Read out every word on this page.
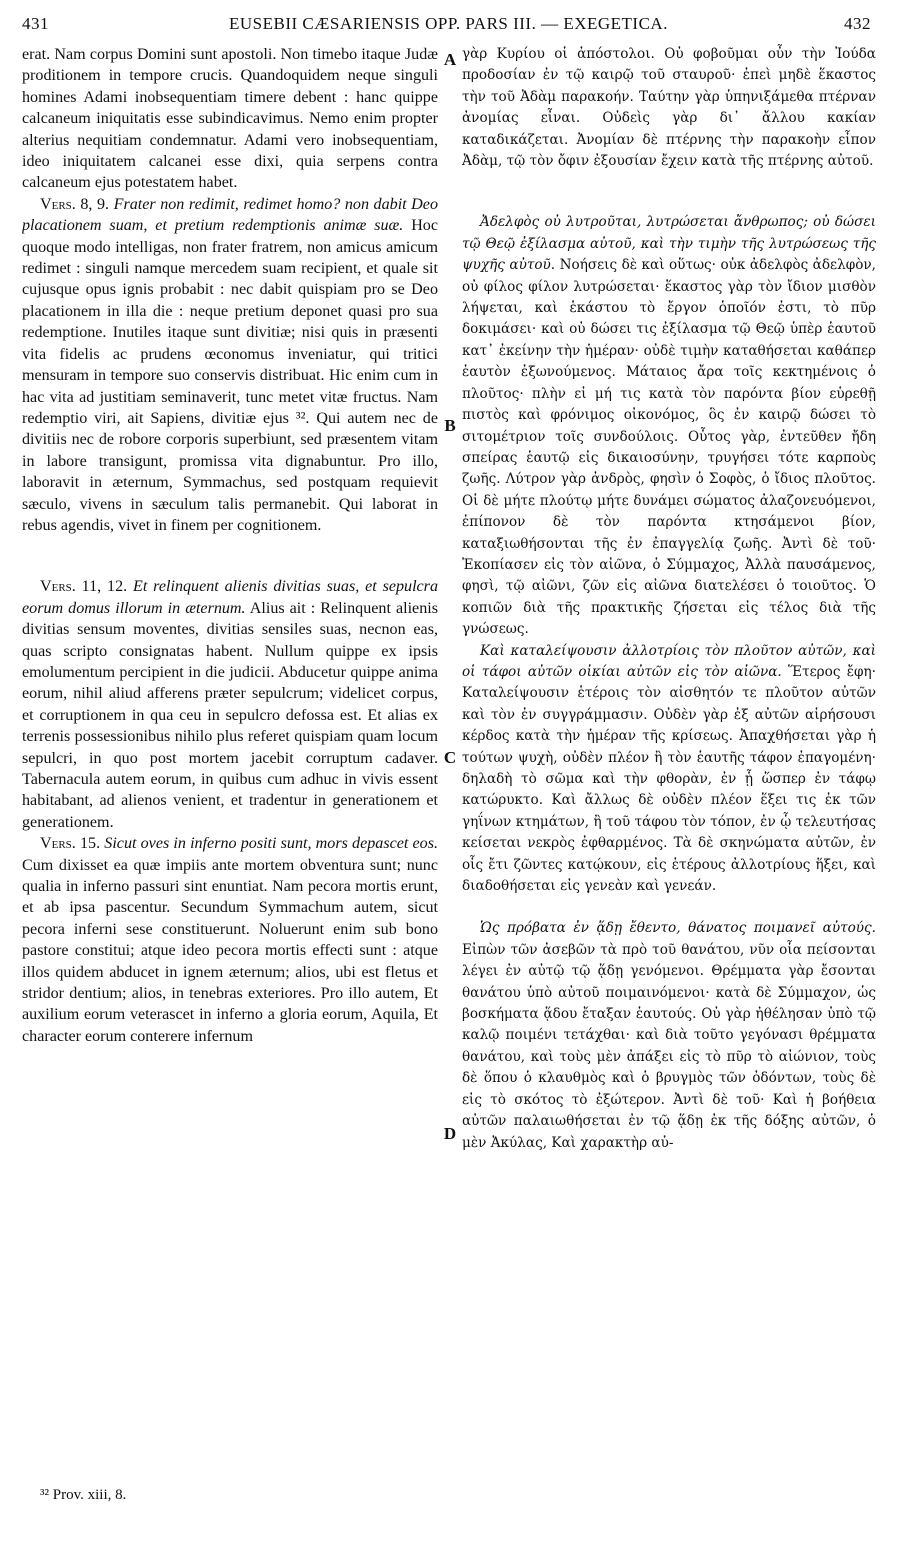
431	EUSEBII CÆSARIENSIS OPP. PARS III. — EXEGETICA.	432
A
B
C
D

erat. Nam corpus Domini sunt apostoli. Non timebo itaque Judæ proditionem in tempore crucis. Quandoquidem neque singuli homines Adami inobsequentiam timere debent : hanc quippe calcaneum iniquitatis esse subindicavimus. Nemo enim propter alterius nequitiam condemnatur. Adami vero inobsequentiam, ideo iniquitatem calcanei esse dixi, quia serpens contra calcaneum ejus potestatem habet.

Vers. 8, 9. Frater non redimit, redimet homo? non dabit Deo placationem suam, et pretium redemptionis animæ suæ. Hoc quoque modo intelligas, non frater fratrem, non amicus amicum redimet : singuli namque mercedem suam recipient, et quale sit cujusque opus ignis probabit : nec dabit quispiam pro se Deo placationem in illa die : neque pretium deponet quasi pro sua redemptione. Inutiles itaque sunt divitiæ; nisi quis in præsenti vita fidelis ac prudens œconomus inveniatur, qui tritici mensuram in tempore suo conservis distribuat. Hic enim cum in hac vita ad justitiam seminaverit, tunc metet vitæ fructus. Nam redemptio viri, ait Sapiens, divitiæ ejus ³². Qui autem nec de divitiis nec de robore corporis superbiunt, sed præsentem vitam in labore transigunt, promissa vita dignabuntur. Pro illo, laboravit in æternum, Symmachus, sed postquam requievit sæculo, vivens in sæculum talis permanebit. Qui laborat in rebus agendis, vivet in finem per cognitionem.

Vers. 11, 12. Et relinquent alienis divitias suas, et sepulcra eorum domus illorum in æternum. Alius ait : Relinquent alienis divitias sensum moventes, divitias sensiles suas, necnon eas, quas scripto consignatas habent. Nullum quippe ex ipsis emolumentum percipient in die judicii. Abducetur quippe anima eorum, nihil aliud afferens præter sepulcrum; videlicet corpus, et corruptionem in qua ceu in sepulcro defossa est. Et alias ex terrenis possessionibus nihilo plus referet quispiam quam locum sepulcri, in quo post mortem jacebit corruptum cadaver. Tabernacula autem eorum, in quibus cum adhuc in vivis essent habitabant, ad alienos venient, et tradentur in generationem et generationem.

Vers. 15. Sicut oves in inferno positi sunt, mors depascet eos. Cum dixisset ea quæ impiis ante mortem obventura sunt; nunc qualia in inferno passuri sint enuntiat. Nam pecora mortis erunt, et ab ipsa pascentur. Secundum Symmachum autem, sicut pecora inferni sese constituerunt. Noluerunt enim sub bono pastore constitui; atque ideo pecora mortis effecti sunt : atque illos quidem abducet in ignem æternum; alios, ubi est fletus et stridor dentium; alios, in tenebras exteriores. Pro illo autem, Et auxilium eorum veterascet in inferno a gloria eorum, Aquila, Et character eorum conterere infernum

γὰρ Κυρίου οἱ ἀπόστολοι. Οὐ φοβοῦμαι οὖν τὴν Ἰούδα προδοσίαν ἐν τῷ καιρῷ τοῦ σταυροῦ· ἐπεὶ μηδὲ ἕκαστος τὴν τοῦ Ἀδὰμ παρακοήν. Ταύτην γὰρ ὑπηνιξάμεθα πτέρναν ἀνομίας εἶναι. Οὐδεὶς γὰρ δι᾽ ἄλλου κακίαν καταδικάζεται. Ἀνομίαν δὲ πτέρνης τὴν παρακοὴν εἶπον Ἀδὰμ, τῷ τὸν ὄφιν ἐξουσίαν ἔχειν κατὰ τῆς πτέρνης αὐτοῦ.

Ἀδελφὸς οὐ λυτροῦται, λυτρώσεται ἄνθρωπος; οὐ δώσει τῷ Θεῷ ἐξίλασμα αὐτοῦ, καὶ τὴν τιμὴν τῆς λυτρώσεως τῆς ψυχῆς αὐτοῦ. Νοήσεις δὲ καὶ οὕτως· οὐκ ἀδελφὸς ἀδελφὸν, οὐ φίλος φίλον λυτρώσεται· ἕκαστος γὰρ τὸν ἴδιον μισθὸν λήψεται, καὶ ἑκάστου τὸ ἔργον ὁποῖόν ἐστι, τὸ πῦρ δοκιμάσει· καὶ οὐ δώσει τις ἐξίλασμα τῷ Θεῷ ὑπὲρ ἑαυτοῦ κατ᾽ ἐκείνην τὴν ἡμέραν· οὐδὲ τιμὴν καταθήσεται καθάπερ ἑαυτὸν ἐξωνούμενος. Μάταιος ἄρα τοῖς κεκτημένοις ὁ πλοῦτος· πλὴν εἰ μή τις κατὰ τὸν παρόντα βίον εὑρεθῇ πιστὸς καὶ φρόνιμος οἰκονόμος, ὃς ἐν καιρῷ δώσει τὸ σιτομέτριον τοῖς συνδούλοις. Οὗτος γὰρ, ἐντεῦθεν ἤδη σπείρας ἑαυτῷ εἰς δικαιοσύνην, τρυγήσει τότε καρποὺς ζωῆς. Λύτρον γὰρ ἀνδρὸς, φησὶν ὁ Σοφὸς, ὁ ἴδιος πλοῦτος. Οἱ δὲ μήτε πλούτῳ μήτε δυνάμει σώματος ἀλαζονευόμενοι, ἐπίπονον δὲ τὸν παρόντα κτησάμενοι βίον, καταξιωθήσονται τῆς ἐν ἐπαγγελίᾳ ζωῆς. Ἀντὶ δὲ τοῦ· Ἐκοπίασεν εἰς τὸν αἰῶνα, ὁ Σύμμαχος, Ἀλλὰ παυσάμενος, φησὶ, τῷ αἰῶνι, ζῶν εἰς αἰῶνα διατελέσει ὁ τοιοῦτος. Ὁ κοπιῶν διὰ τῆς πρακτικῆς ζήσεται εἰς τέλος διὰ τῆς γνώσεως.

Καὶ καταλείψουσιν ἀλλοτρίοις τὸν πλοῦτον αὐτῶν, καὶ οἱ τάφοι αὐτῶν οἰκίαι αὐτῶν εἰς τὸν αἰῶνα. Ἕτερος ἔφη· Καταλείψουσιν ἑτέροις τὸν αἰσθητόν τε πλοῦτον αὐτῶν καὶ τὸν ἐν συγγράμμασιν. Οὐδὲν γὰρ ἐξ αὐτῶν αἱρήσουσι κέρδος κατὰ τὴν ἡμέραν τῆς κρίσεως. Ἀπαχθήσεται γὰρ ἡ τούτων ψυχὴ, οὐδὲν πλέον ἢ τὸν ἑαυτῆς τάφον ἐπαγομένη· δηλαδὴ τὸ σῶμα καὶ τὴν φθορὰν, ἐν ᾗ ὥσπερ ἐν τάφῳ κατώρυκτο. Καὶ ἄλλως δὲ οὐδὲν πλέον ἕξει τις ἐκ τῶν γηΐνων κτημάτων, ἢ τοῦ τάφου τὸν τόπον, ἐν ᾧ τελευτήσας κείσεται νεκρὸς ἐφθαρμένος. Τὰ δὲ σκηνώματα αὐτῶν, ἐν οἷς ἔτι ζῶντες κατῴκουν, εἰς ἑτέρους ἀλλοτρίους ἥξει, καὶ διαδοθήσεται εἰς γενεὰν καὶ γενεάν.

Ὡς πρόβατα ἐν ᾅδῃ ἔθεντο, θάνατος ποιμανεῖ αὐτούς. Εἰπὼν τῶν ἀσεβῶν τὰ πρὸ τοῦ θανάτου, νῦν οἷα πείσονται λέγει ἐν αὐτῷ τῷ ᾅδῃ γενόμενοι. Θρέμματα γὰρ ἔσονται θανάτου ὑπὸ αὐτοῦ ποιμαινόμενοι· κατὰ δὲ Σύμμαχον, ὡς βοσκήματα ᾅδου ἔταξαν ἑαυτούς. Οὐ γὰρ ἠθέλησαν ὑπὸ τῷ καλῷ ποιμένι τετάχθαι· καὶ διὰ τοῦτο γεγόνασι θρέμματα θανάτου, καὶ τοὺς μὲν ἀπάξει εἰς τὸ πῦρ τὸ αἰώνιον, τοὺς δὲ ὅπου ὁ κλαυθμὸς καὶ ὁ βρυγμὸς τῶν ὀδόντων, τοὺς δὲ εἰς τὸ σκότος τὸ ἐξώτερον. Ἀντὶ δὲ τοῦ· Καὶ ἡ βοήθεια αὐτῶν παλαιωθήσεται ἐν τῷ ᾅδῃ ἐκ τῆς δόξης αὐτῶν, ὁ μὲν Ἀκύλας, Καὶ χαρακτὴρ αὐ-

³² Prov. xiii, 8.
